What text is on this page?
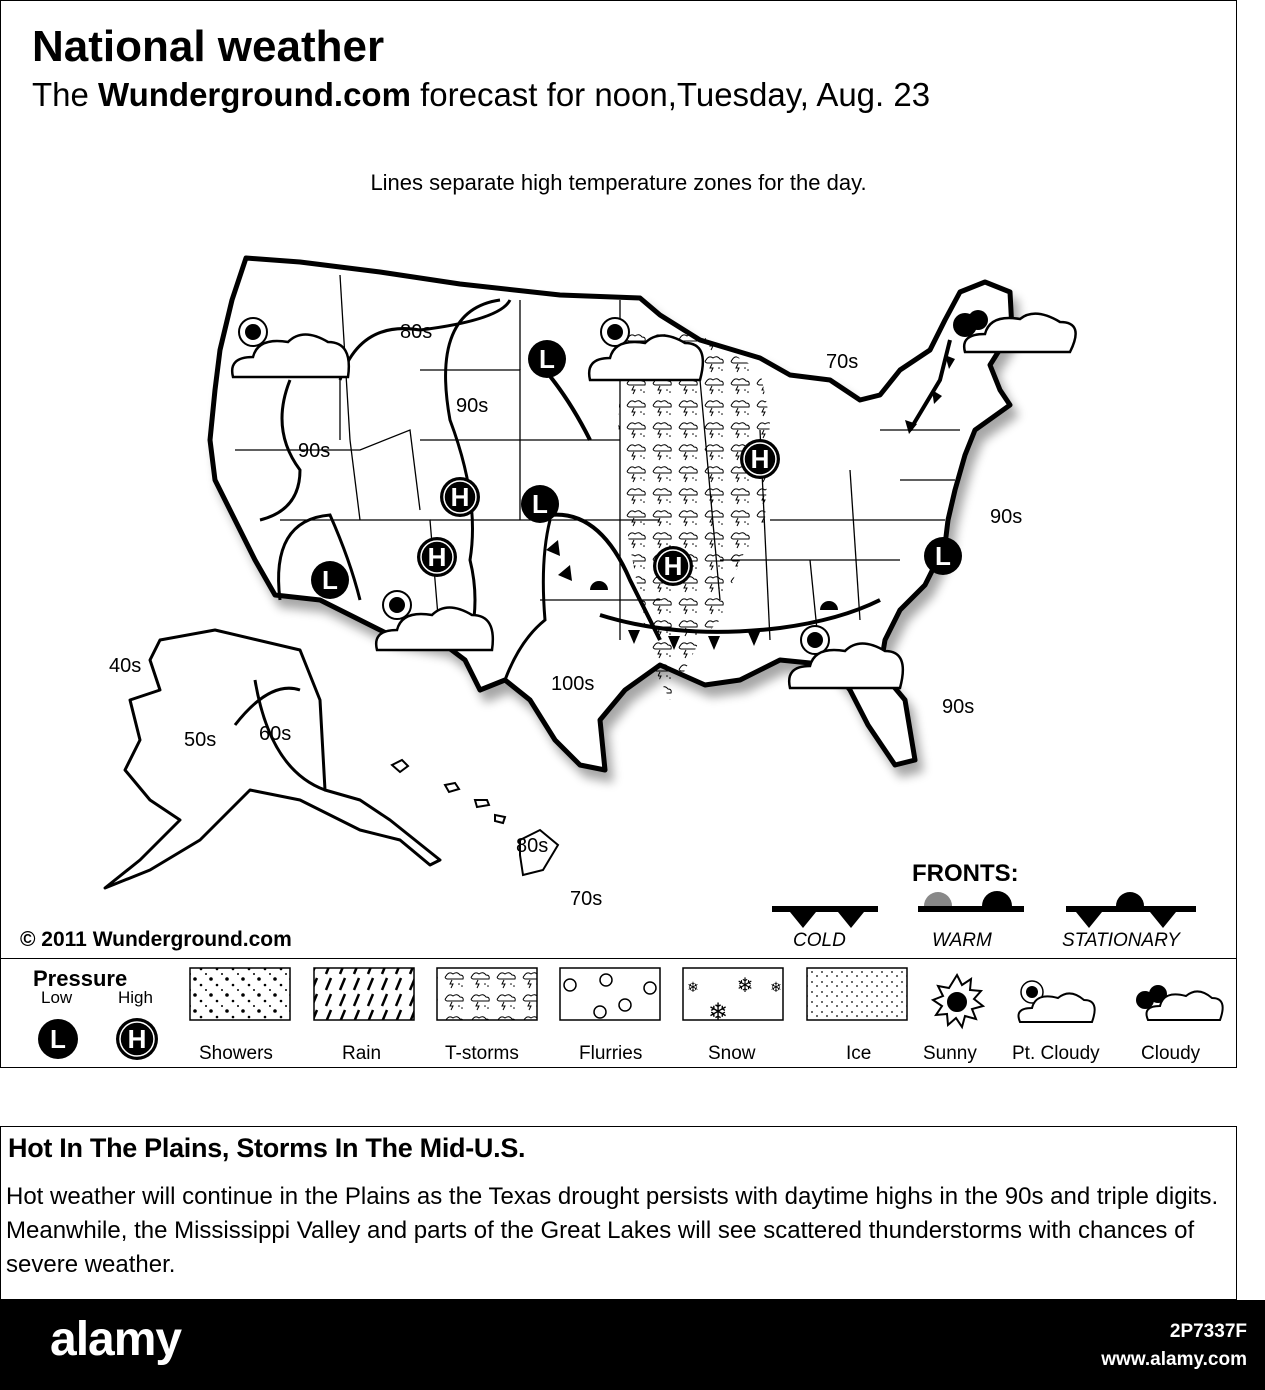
National weather
The Wunderground.com forecast for noon,Tuesday, Aug. 23
Lines separate high temperature zones for the day.
L
L
L
L
H
H
H
H
80s
90s
90s
70s
90s
100s
90s
40s
50s 60s
80s
70s
L H
❄ ❄
❄
❄
© 2011 Wunderground.com
FRONTS:
COLD	WARM	STATIONARY
Pressure
Low	High
Showers	Rain	T-storms	Flurries	Snow	Ice	Sunny Pt. Cloudy Cloudy
Hot In The Plains, Storms In The Mid-U.S.
Hot weather will continue in the Plains as the Texas drought persists with daytime highs in the 90s and triple digits. Meanwhile, the Mississippi Valley and parts of the Great Lakes will see scattered thunderstorms with chances of severe weather.
alamy	2P7337F
www.alamy.com
